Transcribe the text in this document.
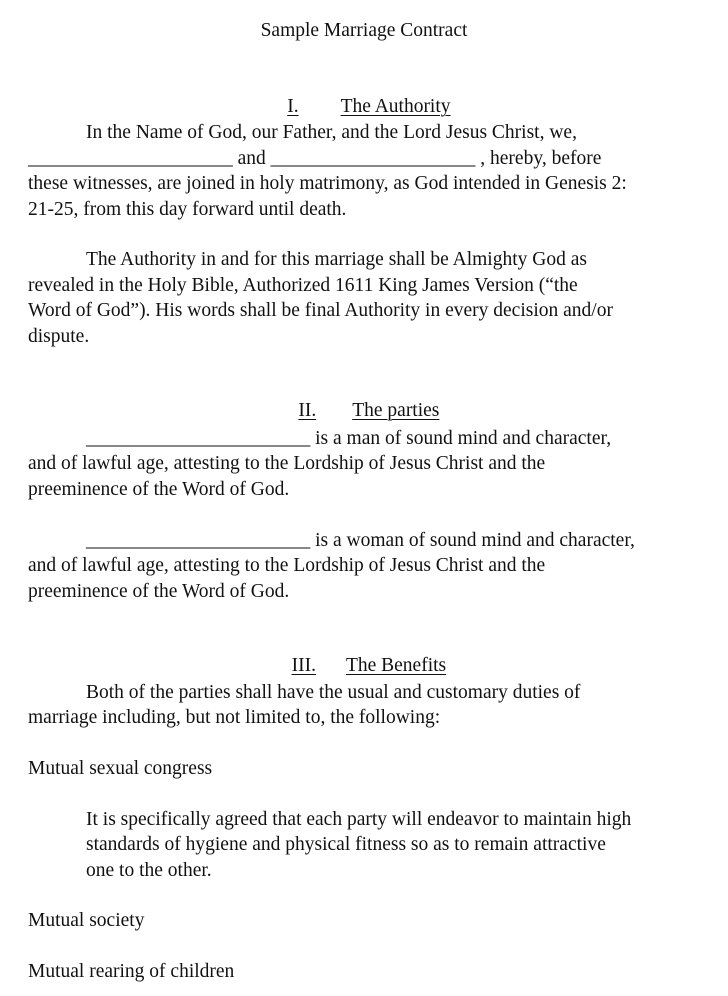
Sample Marriage Contract

I. The Authority

In the Name of God, our Father, and the Lord Jesus Christ, we,
_____________________ and _____________________ , hereby, before
these witnesses, are joined in holy matrimony, as God intended in Genesis 2:
21-25, from this day forward until death.
The Authority in and for this marriage shall be Almighty God as
revealed in the Holy Bible, Authorized 1611 King James Version (“the
Word of God”). His words shall be final Authority in every decision and/or
dispute.

II. The parties

_______________________ is a man of sound mind and character,
and of lawful age, attesting to the Lordship of Jesus Christ and the
preeminence of the Word of God.
_______________________ is a woman of sound mind and character,
and of lawful age, attesting to the Lordship of Jesus Christ and the
preeminence of the Word of God.

III. The Benefits

Both of the parties shall have the usual and customary duties of
marriage including, but not limited to, the following:
Mutual sexual congress
It is specifically agreed that each party will endeavor to maintain high
standards of hygiene and physical fitness so as to remain attractive
one to the other.
Mutual society
Mutual rearing of children
